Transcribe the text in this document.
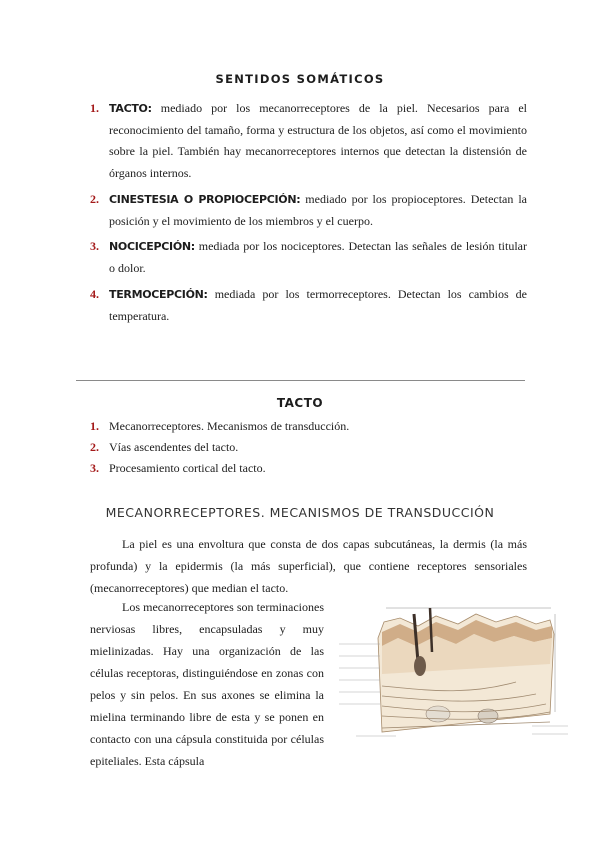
SENTIDOS SOMÁTICOS
1. TACTO: mediado por los mecanorreceptores de la piel. Necesarios para el reconocimiento del tamaño, forma y estructura de los objetos, así como el movimiento sobre la piel. También hay mecanorreceptores internos que detectan la distensión de órganos internos.
2. CINESTESIA O PROPIOCEPCIÓN: mediado por los propioceptores. Detectan la posición y el movimiento de los miembros y el cuerpo.
3. NOCICEPCIÓN: mediada por los nociceptores. Detectan las señales de lesión titular o dolor.
4. TERMOCEPCIÓN: mediada por los termorreceptores. Detectan los cambios de temperatura.
TACTO
1. Mecanorreceptores. Mecanismos de transducción.
2. Vías ascendentes del tacto.
3. Procesamiento cortical del tacto.
MECANORRECEPTORES. MECANISMOS DE TRANSDUCCIÓN

La piel es una envoltura que consta de dos capas subcutáneas, la dermis (la más profunda) y la epidermis (la más superficial), que contiene receptores sensoriales (mecanorreceptores) que median el tacto.

Los mecanorreceptores son terminaciones nerviosas libres, encapsuladas y muy mielinizadas. Hay una organización de las células receptoras, distinguiéndose en zonas con pelos y sin pelos. En sus axones se elimina la mielina terminando libre de esta y se ponen en contacto con una cápsula constituida por células epiteliales. Esta cápsula
